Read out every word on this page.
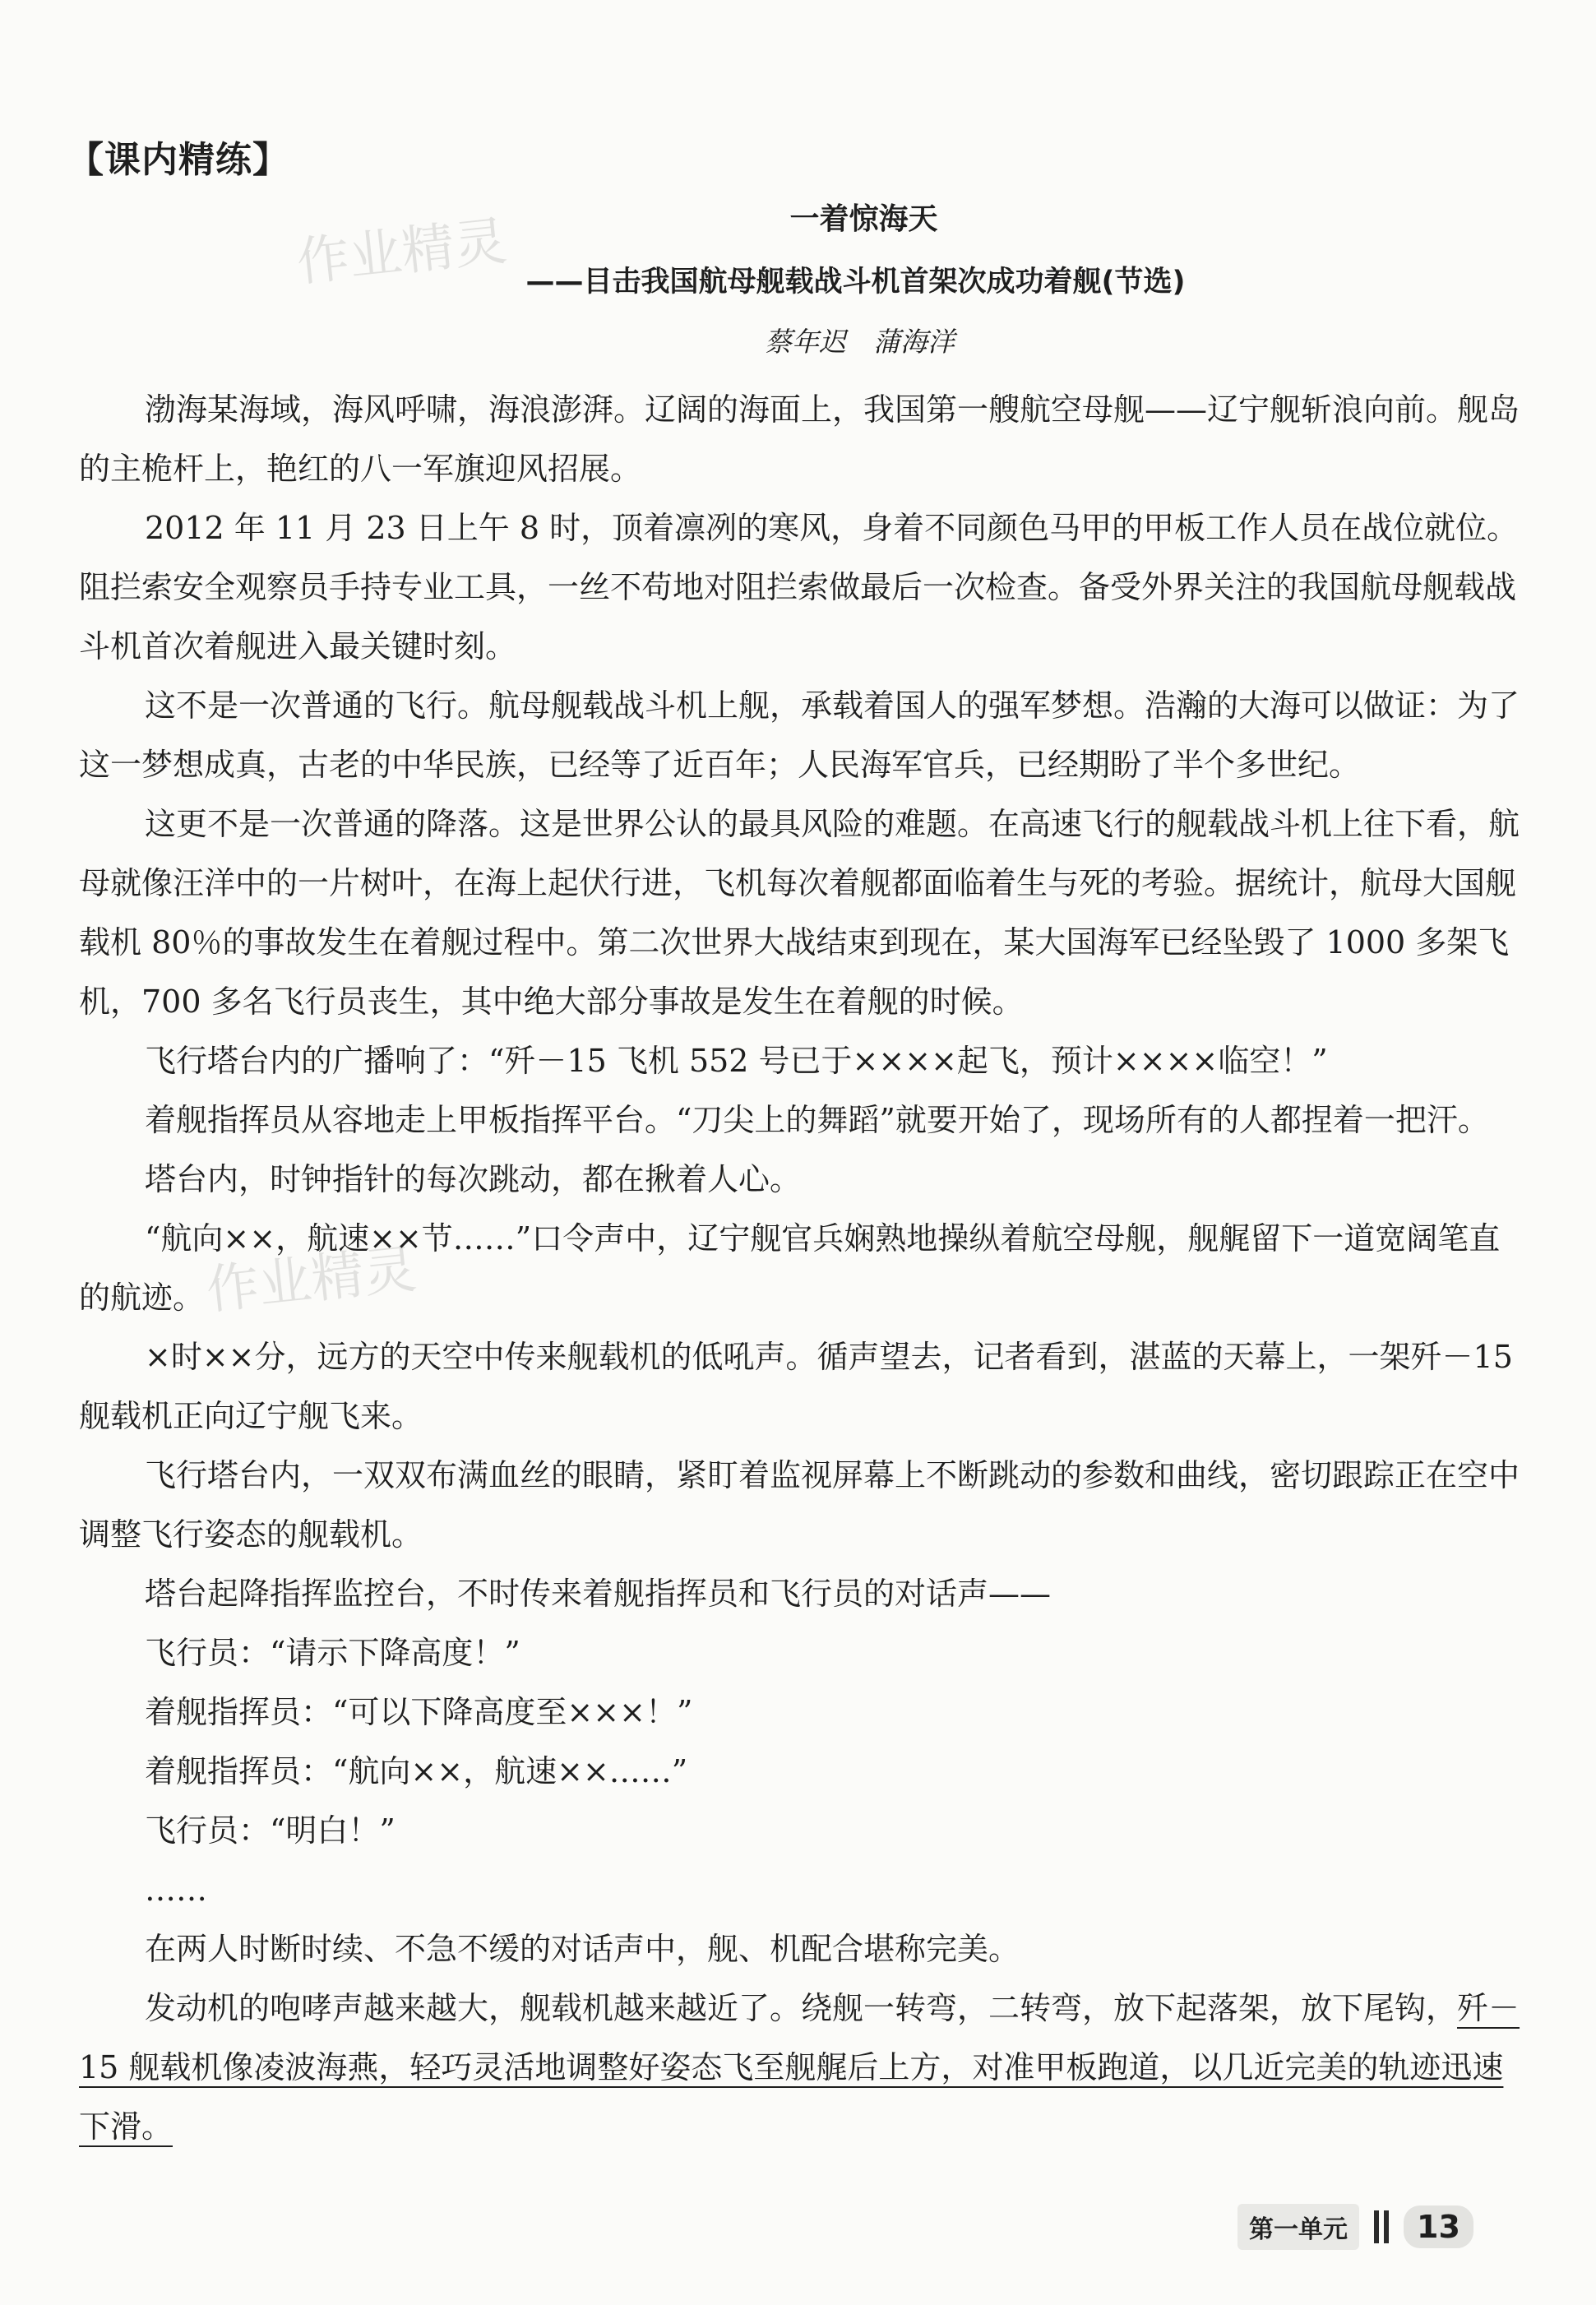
【课内精练】
作业精灵
作业精灵
一着惊海天
——目击我国航母舰载战斗机首架次成功着舰(节选)
蔡年迟　蒲海洋

渤海某海域，海风呼啸，海浪澎湃。辽阔的海面上，我国第一艘航空母舰——辽宁舰斩浪向前。舰岛的主桅杆上，艳红的八一军旗迎风招展。

2012 年 11 月 23 日上午 8 时，顶着凛冽的寒风，身着不同颜色马甲的甲板工作人员在战位就位。阻拦索安全观察员手持专业工具，一丝不苟地对阻拦索做最后一次检查。备受外界关注的我国航母舰载战斗机首次着舰进入最关键时刻。

这不是一次普通的飞行。航母舰载战斗机上舰，承载着国人的强军梦想。浩瀚的大海可以做证：为了这一梦想成真，古老的中华民族，已经等了近百年；人民海军官兵，已经期盼了半个多世纪。

这更不是一次普通的降落。这是世界公认的最具风险的难题。在高速飞行的舰载战斗机上往下看，航母就像汪洋中的一片树叶，在海上起伏行进，飞机每次着舰都面临着生与死的考验。据统计，航母大国舰载机 80％的事故发生在着舰过程中。第二次世界大战结束到现在，某大国海军已经坠毁了 1000 多架飞机，700 多名飞行员丧生，其中绝大部分事故是发生在着舰的时候。

飞行塔台内的广播响了：“歼－15 飞机 552 号已于××××起飞，预计××××临空！”

着舰指挥员从容地走上甲板指挥平台。“刀尖上的舞蹈”就要开始了，现场所有的人都捏着一把汗。

塔台内，时钟指针的每次跳动，都在揪着人心。

“航向××，航速××节……”口令声中，辽宁舰官兵娴熟地操纵着航空母舰，舰艉留下一道宽阔笔直的航迹。

×时××分，远方的天空中传来舰载机的低吼声。循声望去，记者看到，湛蓝的天幕上，一架歼－15 舰载机正向辽宁舰飞来。

飞行塔台内，一双双布满血丝的眼睛，紧盯着监视屏幕上不断跳动的参数和曲线，密切跟踪正在空中调整飞行姿态的舰载机。

塔台起降指挥监控台，不时传来着舰指挥员和飞行员的对话声——

飞行员：“请示下降高度！”

着舰指挥员：“可以下降高度至×××！”

着舰指挥员：“航向××，航速××……”

飞行员：“明白！”

……

在两人时断时续、不急不缓的对话声中，舰、机配合堪称完美。

发动机的咆哮声越来越大，舰载机越来越近了。绕舰一转弯，二转弯，放下起落架，放下尾钩，歼－15 舰载机像凌波海燕，轻巧灵活地调整好姿态飞至舰艉后上方，对准甲板跑道，以几近完美的轨迹迅速下滑。

第一单元	13
